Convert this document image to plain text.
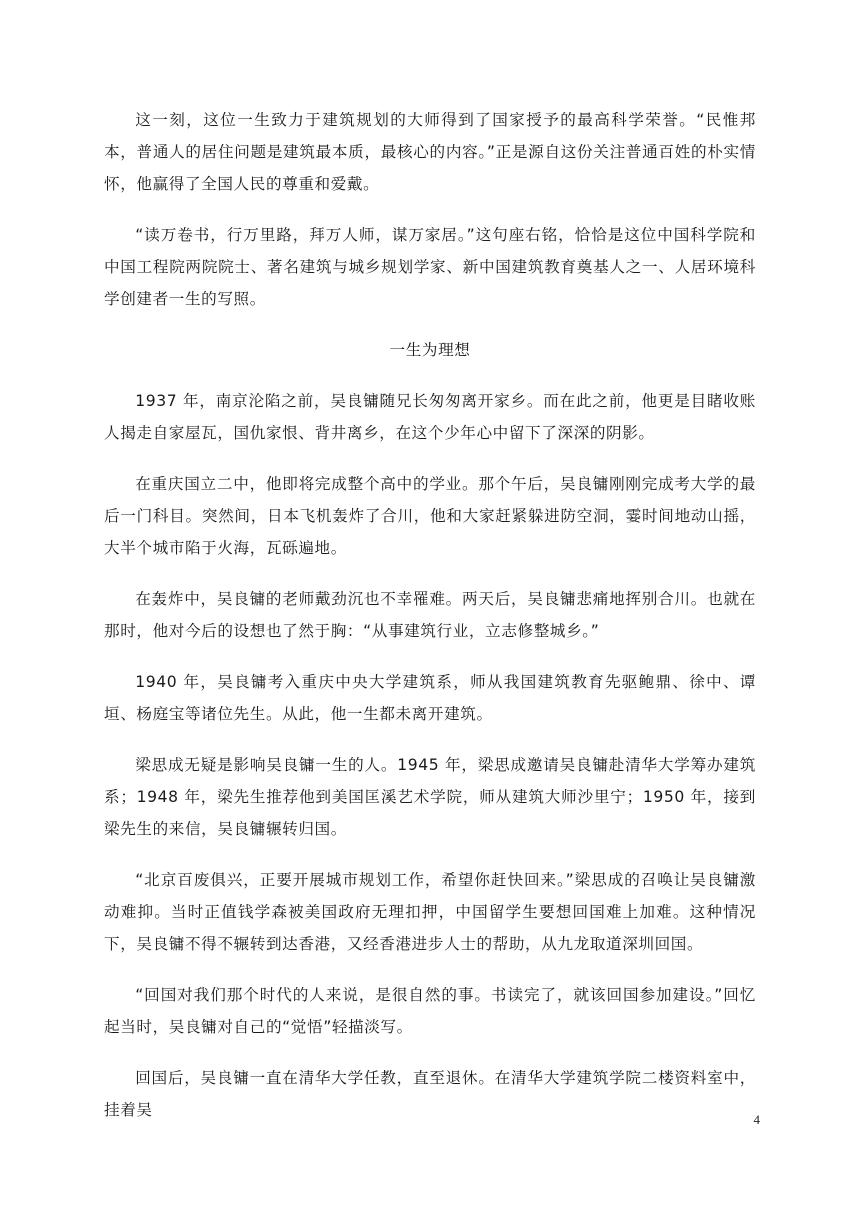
这一刻，这位一生致力于建筑规划的大师得到了国家授予的最高科学荣誉。“民惟邦本，普通人的居住问题是建筑最本质，最核心的内容。”正是源自这份关注普通百姓的朴实情怀，他赢得了全国人民的尊重和爱戴。

“读万卷书，行万里路，拜万人师，谋万家居。”这句座右铭，恰恰是这位中国科学院和中国工程院两院院士、著名建筑与城乡规划学家、新中国建筑教育奠基人之一、人居环境科学创建者一生的写照。

一生为理想

1937 年，南京沦陷之前，吴良镛随兄长匆匆离开家乡。而在此之前，他更是目睹收账人揭走自家屋瓦，国仇家恨、背井离乡，在这个少年心中留下了深深的阴影。

在重庆国立二中，他即将完成整个高中的学业。那个午后，吴良镛刚刚完成考大学的最后一门科目。突然间，日本飞机轰炸了合川，他和大家赶紧躲进防空洞，霎时间地动山摇，大半个城市陷于火海，瓦砾遍地。

在轰炸中，吴良镛的老师戴劲沉也不幸罹难。两天后，吴良镛悲痛地挥别合川。也就在那时，他对今后的设想也了然于胸：“从事建筑行业，立志修整城乡。”

1940 年，吴良镛考入重庆中央大学建筑系，师从我国建筑教育先驱鲍鼎、徐中、谭垣、杨庭宝等诸位先生。从此，他一生都未离开建筑。

梁思成无疑是影响吴良镛一生的人。1945 年，梁思成邀请吴良镛赴清华大学筹办建筑系；1948 年，梁先生推荐他到美国匡溪艺术学院，师从建筑大师沙里宁；1950 年，接到梁先生的来信，吴良镛辗转归国。

“北京百废俱兴，正要开展城市规划工作，希望你赶快回来。”梁思成的召唤让吴良镛激动难抑。当时正值钱学森被美国政府无理扣押，中国留学生要想回国难上加难。这种情况下，吴良镛不得不辗转到达香港，又经香港进步人士的帮助，从九龙取道深圳回国。

“回国对我们那个时代的人来说，是很自然的事。书读完了，就该回国参加建设。”回忆起当时，吴良镛对自己的“觉悟”轻描淡写。

回国后，吴良镛一直在清华大学任教，直至退休。在清华大学建筑学院二楼资料室中，挂着吴

4
